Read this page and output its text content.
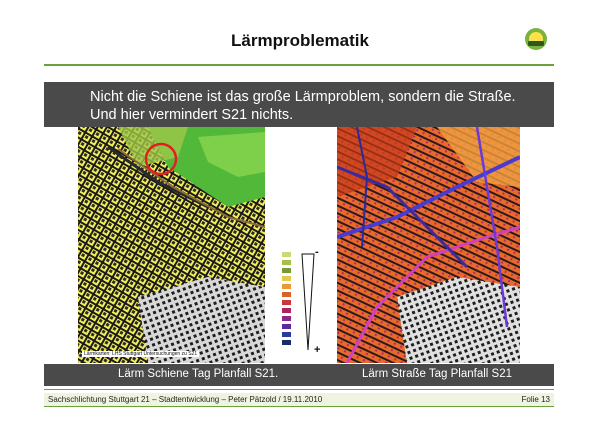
Lärmproblematik
Nicht die Schiene ist das große Lärmproblem, sondern die Straße.
Und hier vermindert S21 nichts.
Lärmkarten: LHS Stuttgart Untersuchungen zu S21
-
+
Lärm Schiene Tag Planfall S21.	Lärm Straße Tag Planfall S21
Sachschlichtung Stuttgart 21 – Stadtentwicklung – Peter Pätzold / 19.11.2010	Folie 13
